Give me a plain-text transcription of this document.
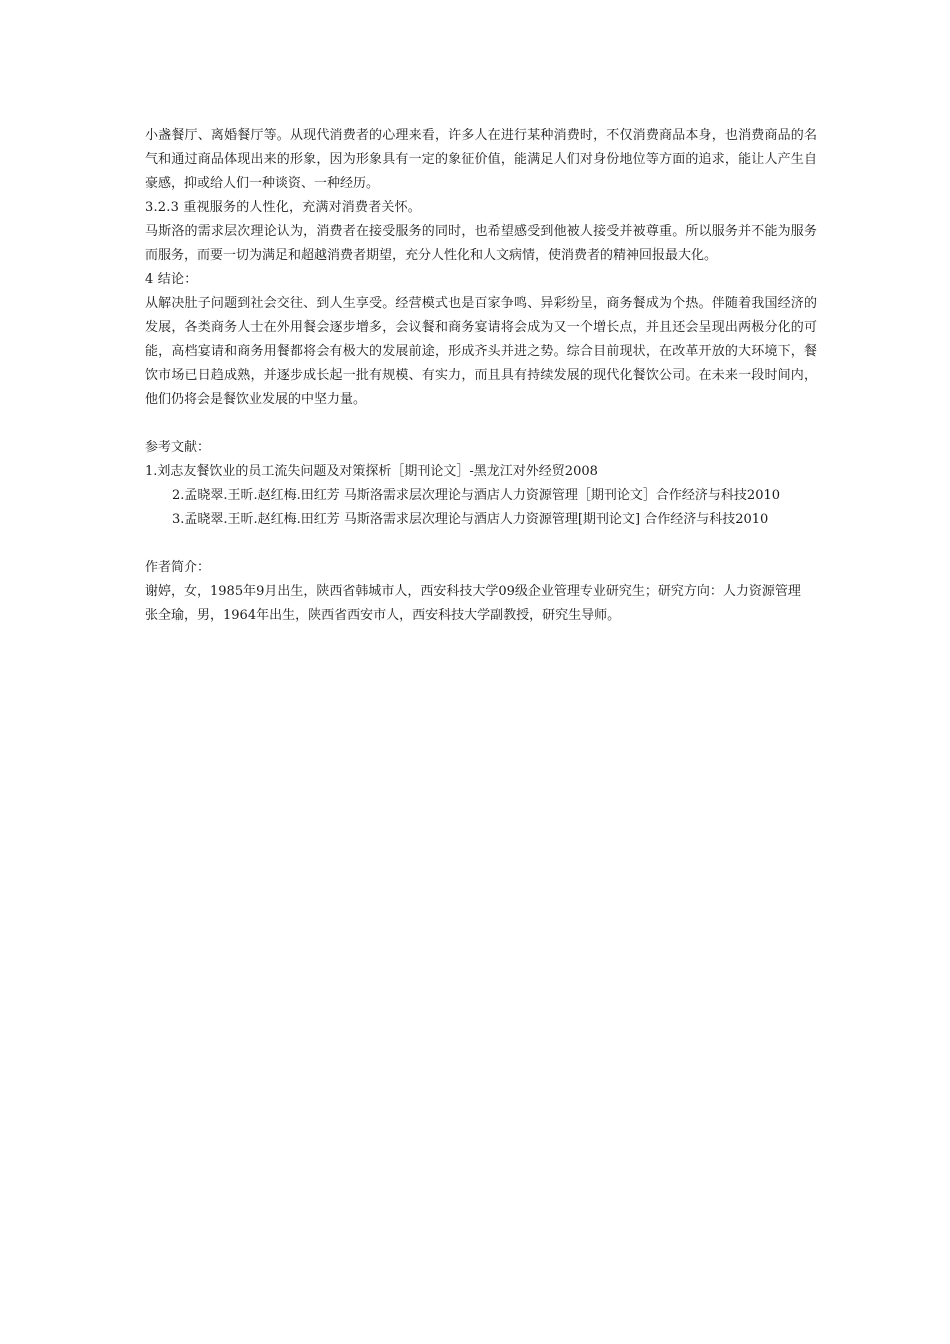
小盏餐厅、离婚餐厅等。从现代消费者的心理来看，许多人在进行某种消费时，不仅消费商品本身，也消费商品的名气和通过商品体现出来的形象，因为形象具有一定的象征价值，能满足人们对身份地位等方面的追求，能让人产生自豪感，抑或给人们一种谈资、一种经历。

3.2.3 重视服务的人性化，充满对消费者关怀。

马斯洛的需求层次理论认为，消费者在接受服务的同时，也希望感受到他被人接受并被尊重。所以服务并不能为服务而服务，而要一切为满足和超越消费者期望，充分人性化和人文病情，使消费者的精神回报最大化。

4 结论：

从解决肚子问题到社会交往、到人生享受。经营模式也是百家争鸣、异彩纷呈，商务餐成为个热。伴随着我国经济的发展，各类商务人士在外用餐会逐步增多，会议餐和商务宴请将会成为又一个增长点，并且还会呈现出两极分化的可能，高档宴请和商务用餐都将会有极大的发展前途，形成齐头并进之势。综合目前现状，在改革开放的大环境下，餐饮市场已日趋成熟，并逐步成长起一批有规模、有实力，而且具有持续发展的现代化餐饮公司。在未来一段时间内，他们仍将会是餐饮业发展的中坚力量。

参考文献：

1.刘志友餐饮业的员工流失问题及对策探析［期刊论文］-黑龙江对外经贸2008

2.孟晓翠.王昕.赵红梅.田红芳 马斯洛需求层次理论与酒店人力资源管理［期刊论文］合作经济与科技2010

3.孟晓翠.王昕.赵红梅.田红芳 马斯洛需求层次理论与酒店人力资源管理[期刊论文] 合作经济与科技2010

作者简介：

谢婷，女，1985年9月出生，陕西省韩城市人，西安科技大学09级企业管理专业研究生；研究方向：人力资源管理

张全瑜，男，1964年出生，陕西省西安市人，西安科技大学副教授，研究生导师。
